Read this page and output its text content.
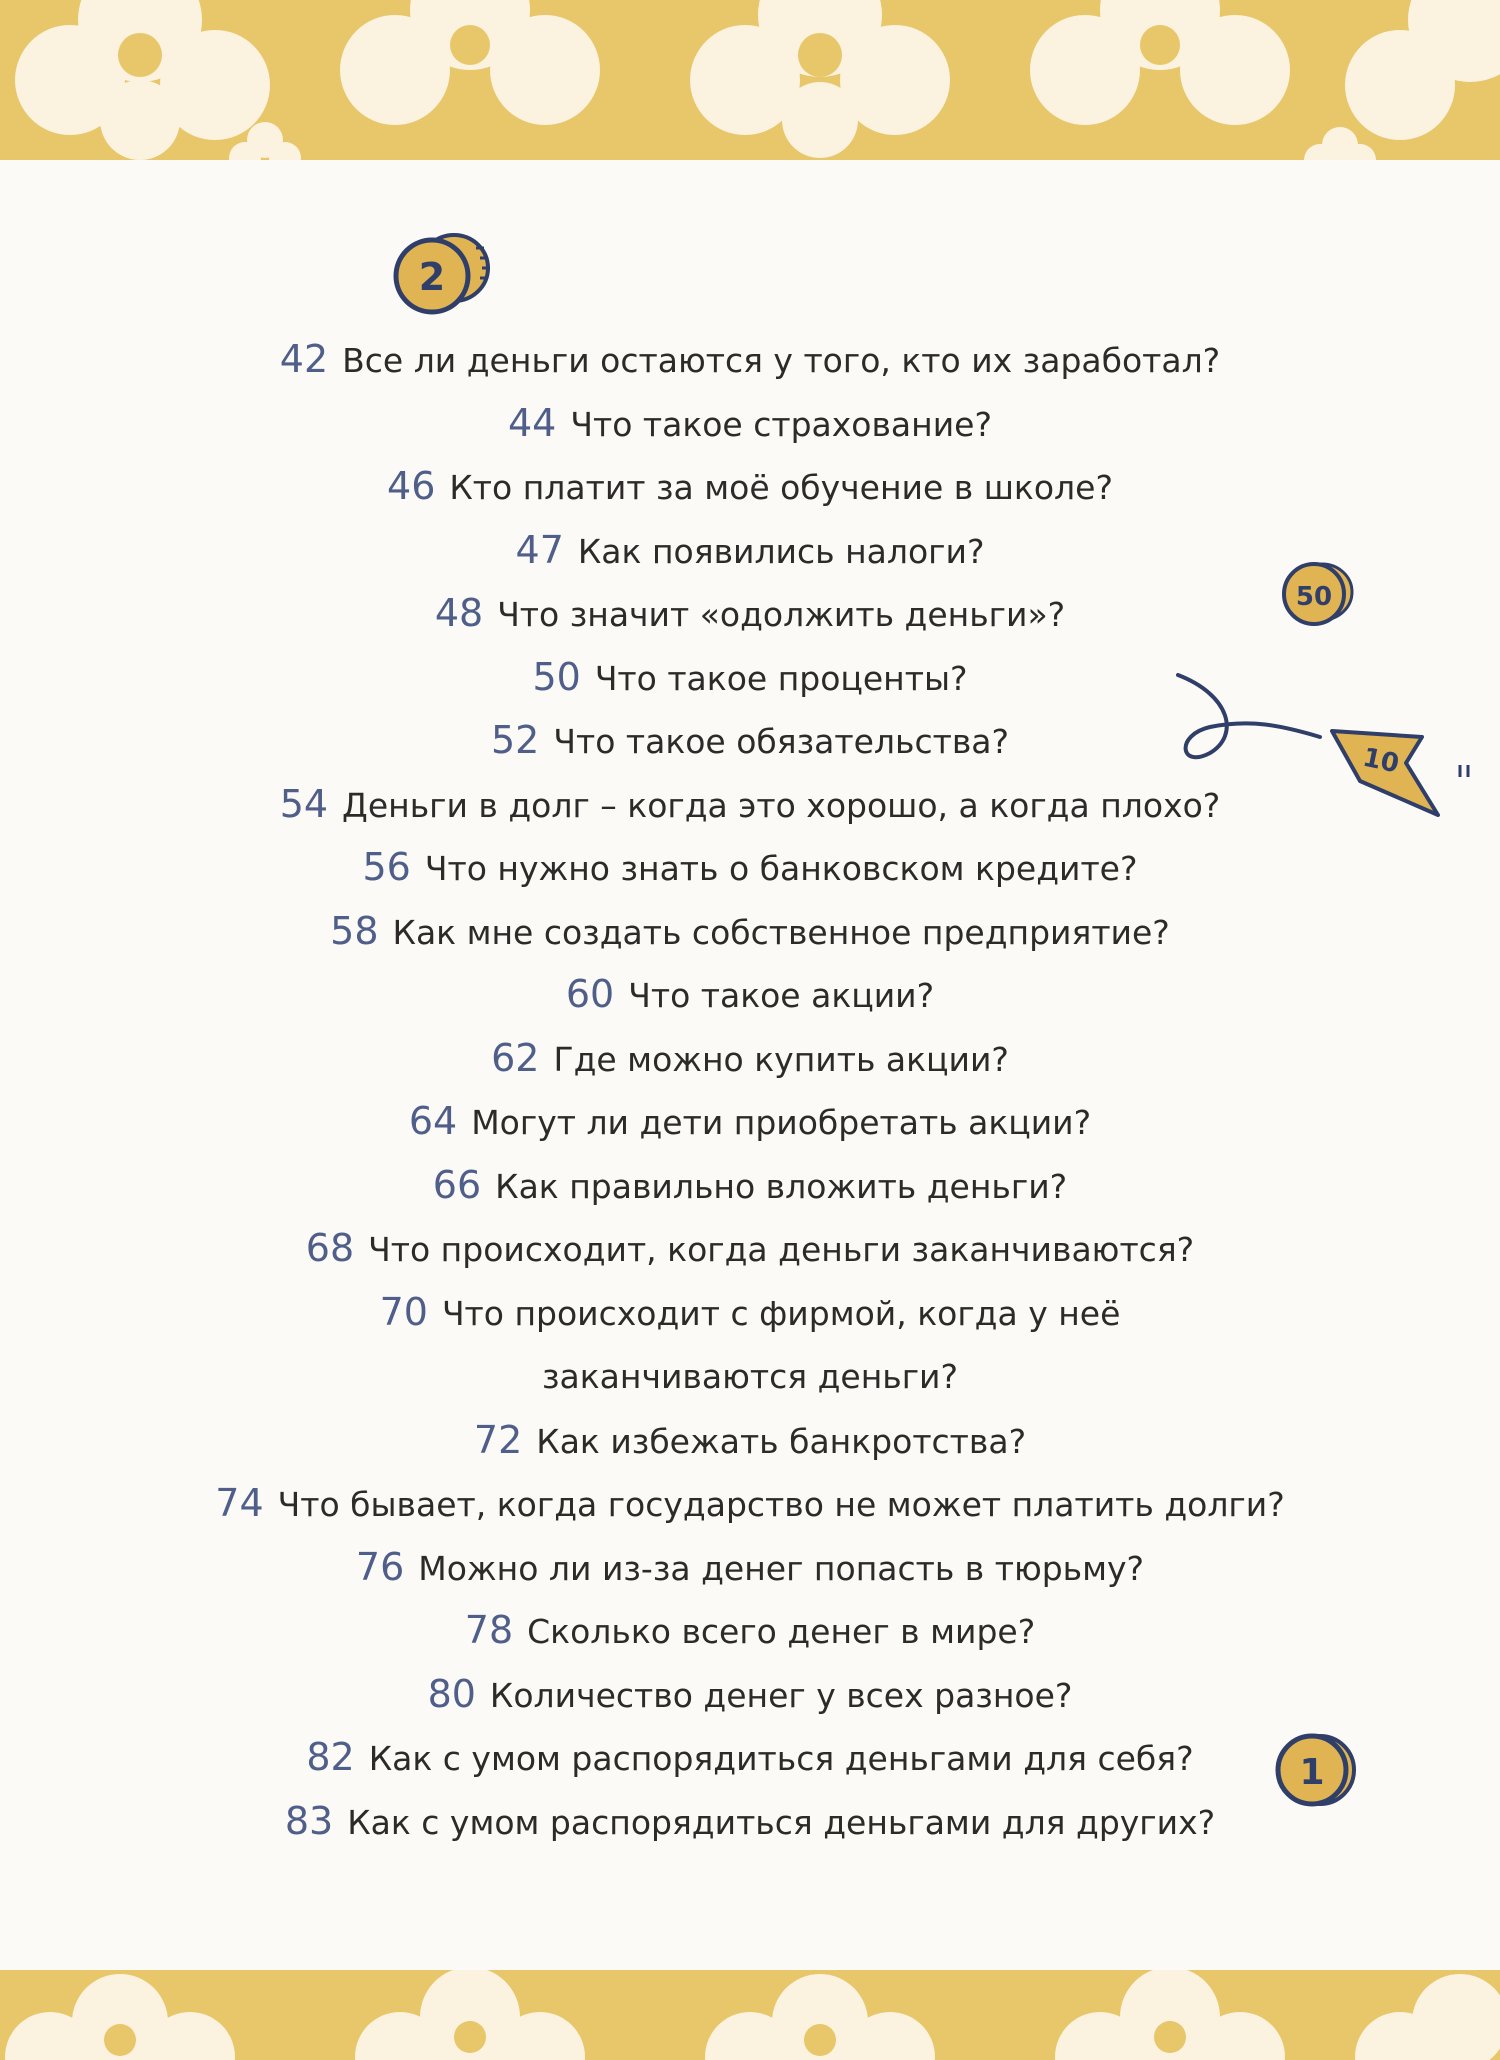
2
50
10
1
42 Все ли деньги остаются у того, кто их заработал?
44 Что такое страхование?
46 Кто платит за моё обучение в школе?
47 Как появились налоги?
48 Что значит «одолжить деньги»?
50 Что такое проценты?
52 Что такое обязательства?
54 Деньги в долг – когда это хорошо, а когда плохо?
56 Что нужно знать о банковском кредите?
58 Как мне создать собственное предприятие?
60 Что такое акции?
62 Где можно купить акции?
64 Могут ли дети приобретать акции?
66 Как правильно вложить деньги?
68 Что происходит, когда деньги заканчиваются?
70 Что происходит с фирмой, когда у неё
заканчиваются деньги?
72 Как избежать банкротства?
74 Что бывает, когда государство не может платить долги?
76 Можно ли из-за денег попасть в тюрьму?
78 Сколько всего денег в мире?
80 Количество денег у всех разное?
82 Как с умом распорядиться деньгами для себя?
83 Как с умом распорядиться деньгами для других?
